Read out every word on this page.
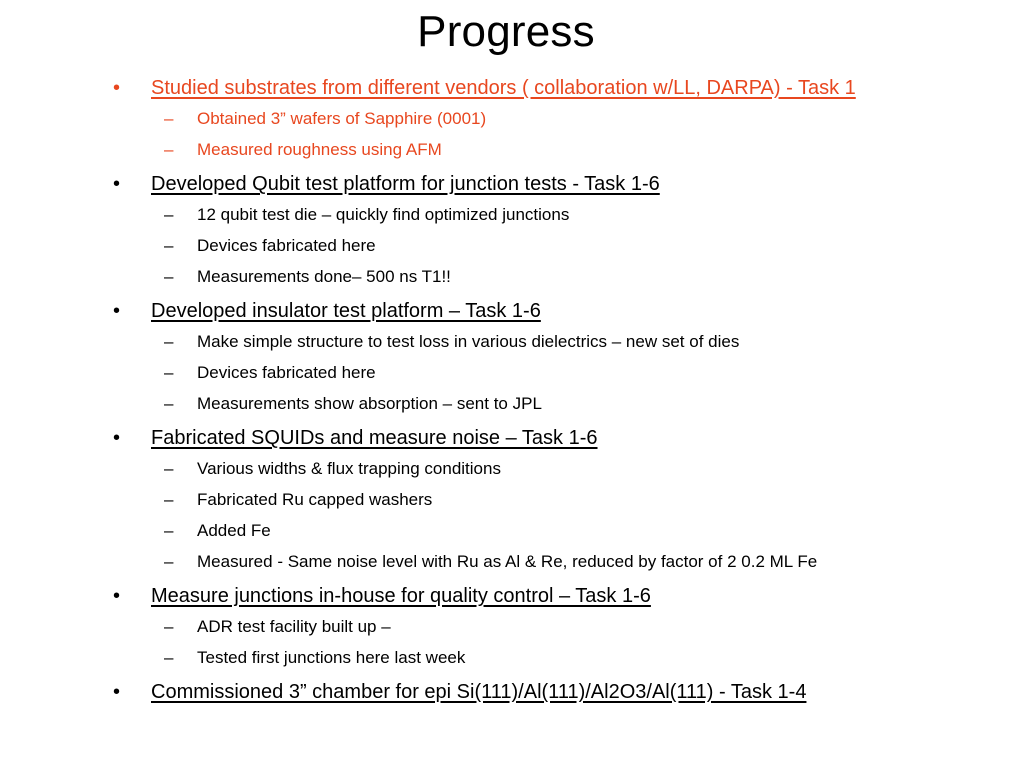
Progress
• Studied substrates from different vendors ( collaboration w/LL, DARPA) - Task 1
– Obtained 3” wafers of Sapphire (0001)
– Measured roughness using AFM
• Developed Qubit test platform for junction tests - Task 1-6
– 12 qubit test die – quickly find optimized junctions
– Devices fabricated here
– Measurements done– 500 ns T1!!
• Developed insulator test platform – Task 1-6
– Make simple structure to test loss in various dielectrics – new set of dies
– Devices fabricated here
– Measurements show absorption – sent to JPL
• Fabricated SQUIDs and measure noise – Task 1-6
– Various widths & flux trapping conditions
– Fabricated Ru capped washers
– Added Fe
– Measured - Same noise level with Ru as Al & Re, reduced by factor of 2 0.2 ML Fe
• Measure junctions in-house for quality control – Task 1-6
– ADR test facility built up –
– Tested first junctions here last week
• Commissioned 3” chamber for epi Si(111)/Al(111)/Al2O3/Al(111) - Task 1-4
